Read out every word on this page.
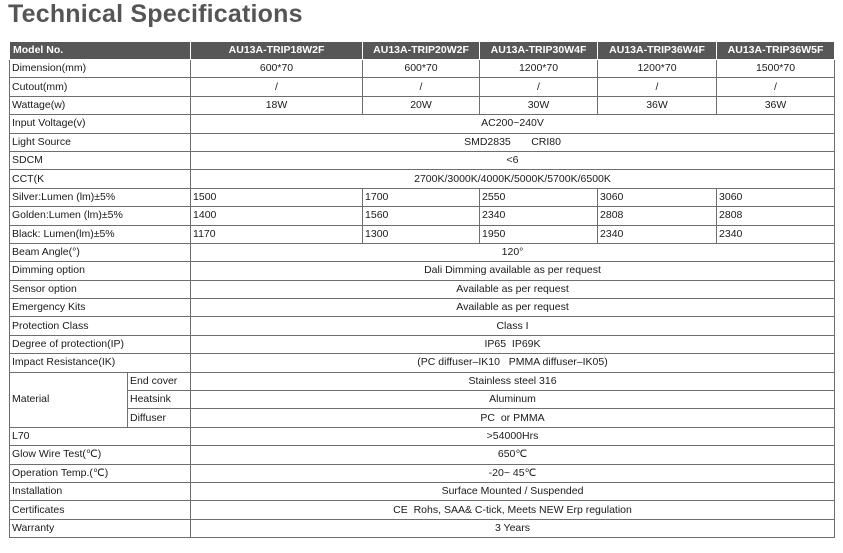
Technical Specifications
Model No.		AU13A-TRIP18W2F	AU13A-TRIP20W2F	AU13A-TRIP30W4F	AU13A-TRIP36W4F	AU13A-TRIP36W5F	
Dimension(mm)		600*70	600*70	1200*70	1200*70	1500*70	
Cutout(mm)		/	/	/	/	/	
Wattage(w)		18W	20W	30W	36W	36W	
Input Voltage(v)		AC200~240V					
Light Source		SMD2835       CRI80					
SDCM		<6					
CCT(K		2700K/3000K/4000K/5000K/5700K/6500K					
Silver:Lumen (lm)±5%		1500	1700	2550	3060	3060	
Golden:Lumen (lm)±5%		1400	1560	2340	2808	2808	
Black: Lumen(lm)±5%		1170	1300	1950	2340	2340	
Beam Angle(°)		120°					
Dimming option		Dali Dimming available as per request					
Sensor option		Available as per request					
Emergency Kits		Available as per request					
Protection Class		Class I					
Degree of protection(IP)		IP65  IP69K					
Impact Resistance(IK)		(PC diffuser–IK10   PMMA diffuser–IK05)					
Material	End cover	Stainless steel 316					
	Heatsink	Aluminum					
	Diffuser	PC  or PMMA					
L70		>54000Hrs					
Glow Wire Test(℃)		650℃					
Operation Temp.(℃)		-20~ 45℃					
Installation		Surface Mounted / Suspended					
Certificates		CE  Rohs, SAA& C-tick, Meets NEW Erp regulation					
Warranty		3 Years					
